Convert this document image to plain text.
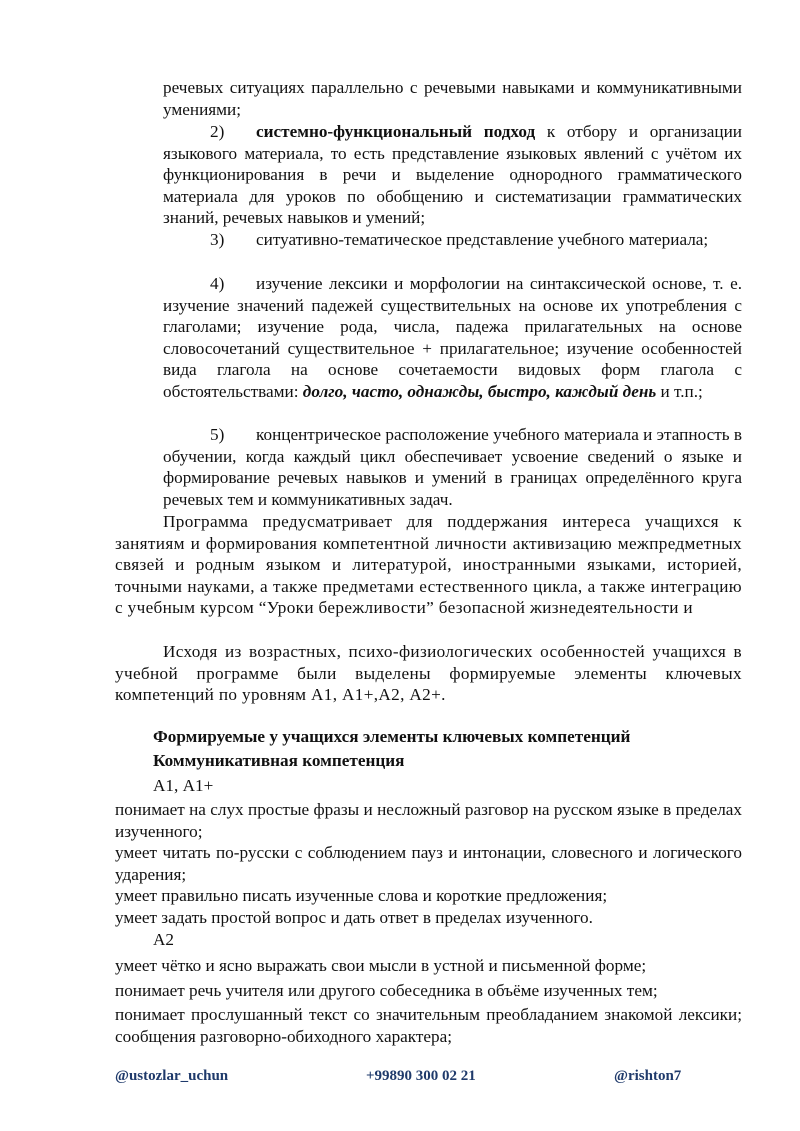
речевых ситуациях параллельно с речевыми навыками и коммуникативными умениями;

2) системно-функциональный подход к отбору и организации языкового материала, то есть представление языковых явлений с учётом их функционирования в речи и выделение однородного грамматического материала для уроков по обобщению и систематизации грамматических знаний, речевых навыков и умений;

3) ситуативно-тематическое представление учебного материала;

4) изучение лексики и морфологии на синтаксической основе, т. е. изучение значений падежей существительных на основе их употребления с глаголами; изучение рода, числа, падежа прилагательных на основе словосочетаний существительное + прилагательное; изучение особенностей вида глагола на основе сочетаемости видовых форм глагола с обстоятельствами: долго, часто, однажды, быстро, каждый день и т.п.;

5) концентрическое расположение учебного материала и этапность в обучении, когда каждый цикл обеспечивает усвоение сведений о языке и формирование речевых навыков и умений в границах определённого круга речевых тем и коммуникативных задач.

Программа предусматривает для поддержания интереса учащихся к занятиям и формирования компетентной личности активизацию межпредметных связей и родным языком и литературой, иностранными языками, историей, точными науками, а также предметами естественного цикла, а также интеграцию с учебным курсом “Уроки бережливости” безопасной жизнедеятельности и

Исходя из возрастных, психо-физиологических особенностей учащихся в учебной программе были выделены формируемые элементы ключевых компетенций по уровням А1, А1+,А2, А2+.

Формируемые у учащихся элементы ключевых компетенций

Коммуникативная компетенция

А1, А1+

понимает на слух простые фразы и несложный разговор на русском языке в пределах изученного;

умеет читать по-русски с соблюдением пауз и интонации, словесного и логического ударения;

умеет правильно писать изученные слова и короткие предложения;

умеет задать простой вопрос и дать ответ в пределах изученного.

А2

умеет чётко и ясно выражать свои мысли в устной и письменной форме;

понимает речь учителя или другого собеседника в объёме изученных тем;

понимает прослушанный текст со значительным преобладанием знакомой лексики; сообщения разговорно-обиходного характера;

@ustozlar_uchun	+99890 300 02 21	@rishton7
